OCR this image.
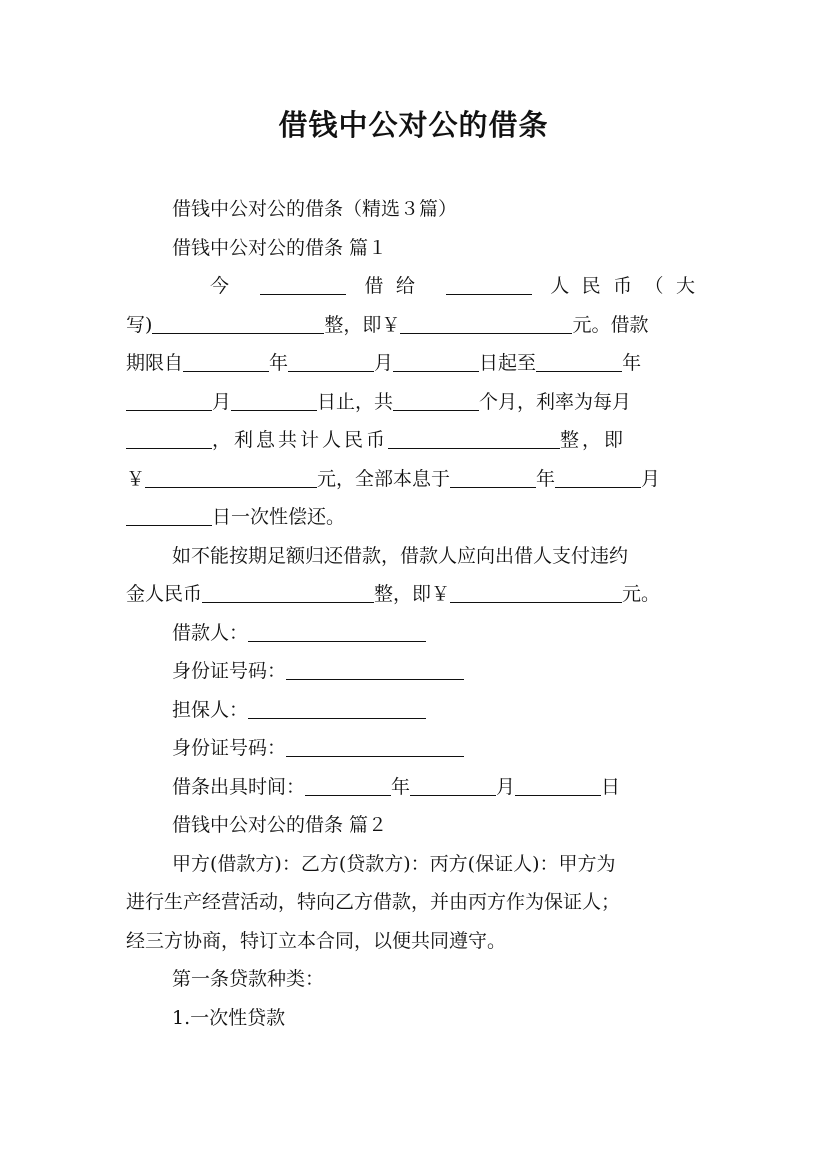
借钱中公对公的借条
借钱中公对公的借条（精选３篇）
借钱中公对公的借条 篇１
今	借给	人民币（大
写)	整，即￥	元。借款
期限自	年	月	日起至	年
月	日止，共	个月，利率为每月
，利息共计人民币	整，即
￥	元，全部本息于	年	月
日一次性偿还。
如不能按期足额归还借款，借款人应向出借人支付违约
金人民币	整，即￥	元。
借款人：
身份证号码：
担保人：
身份证号码：
借条出具时间：	年	月	日
借钱中公对公的借条 篇２
甲方(借款方)：乙方(贷款方)：丙方(保证人)：甲方为
进行生产经营活动，特向乙方借款，并由丙方作为保证人；
经三方协商，特订立本合同，以便共同遵守。
第一条贷款种类：
1.一次性贷款
